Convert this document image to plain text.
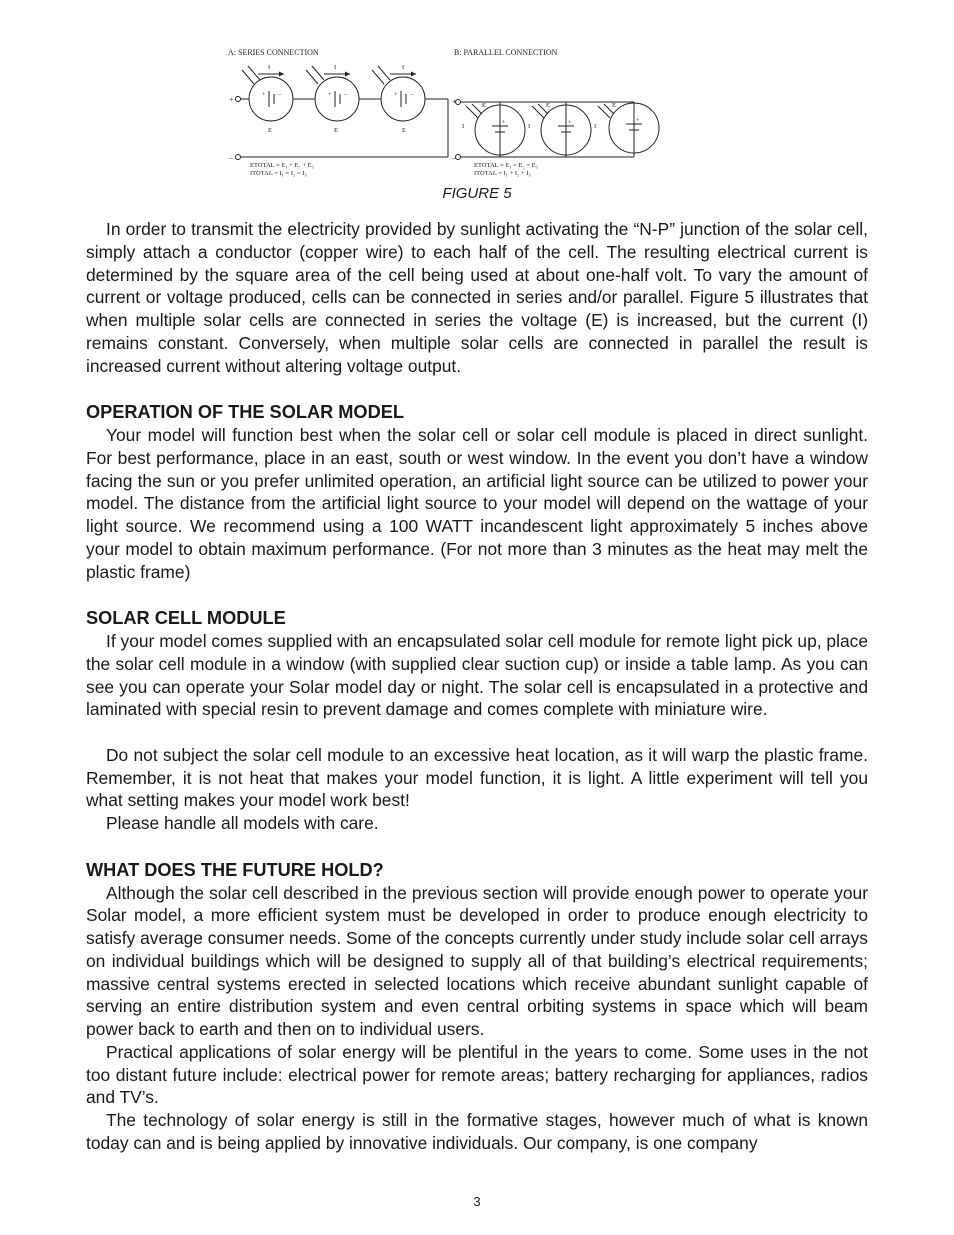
A: SERIES CONNECTION	B: PARALLEL CONNECTION
+
–
+
–
+ –	+ –	+ –
I	I	I
E	E	E
E	E	E
I	I	I
+	+	+
ETOTAL = E₁ + E₂ + E₃
ITOTAL = I₁ = I₂ = I₃
ETOTAL = E₁ = E₂ = E₃
ITOTAL = I₁ + I₂ + I₃
FIGURE 5

In order to transmit the electricity provided by sunlight activating the “N-P” junction of the solar cell, simply attach a conductor (copper wire) to each half of the cell. The resulting electrical current is determined by the square area of the cell being used at about one-half volt. To vary the amount of current or voltage produced, cells can be connected in series and/or parallel. Figure 5 illustrates that when multiple solar cells are connected in series the voltage (E) is increased, but the current (I) remains constant. Conversely, when multiple solar cells are connected in parallel the result is increased current without altering voltage output.

OPERATION OF THE SOLAR MODEL

Your model will function best when the solar cell or solar cell module is placed in direct sunlight. For best performance, place in an east, south or west window. In the event you don’t have a window facing the sun or you prefer unlimited operation, an artificial light source can be utilized to power your model. The distance from the artificial light source to your model will depend on the wattage of your light source. We recommend using a 100 WATT incandescent light approximately 5 inches above your model to obtain maximum performance. (For not more than 3 minutes as the heat may melt the plastic frame)

SOLAR CELL MODULE

If your model comes supplied with an encapsulated solar cell module for remote light pick up, place the solar cell module in a window (with supplied clear suction cup) or inside a table lamp. As you can see you can operate your Solar model day or night. The solar cell is encapsulated in a protective and laminated with special resin to prevent damage and comes complete with miniature wire.

Do not subject the solar cell module to an excessive heat location, as it will warp the plastic frame. Remember, it is not heat that makes your model function, it is light. A little experiment will tell you what setting makes your model work best!

Please handle all models with care.

WHAT DOES THE FUTURE HOLD?

Although the solar cell described in the previous section will provide enough power to operate your Solar model, a more efficient system must be developed in order to produce enough electricity to satisfy average consumer needs. Some of the concepts currently under study include solar cell arrays on individual buildings which will be designed to supply all of that building’s electrical requirements; massive central systems erected in selected locations which receive abundant sunlight capable of serving an entire distribution system and even central orbiting systems in space which will beam power back to earth and then on to individual users.

Practical applications of solar energy will be plentiful in the years to come. Some uses in the not too distant future include: electrical power for remote areas; battery recharging for appliances, radios and TV’s.

The technology of solar energy is still in the formative stages, however much of what is known today can and is being applied by innovative individuals. Our company, is one company

3
